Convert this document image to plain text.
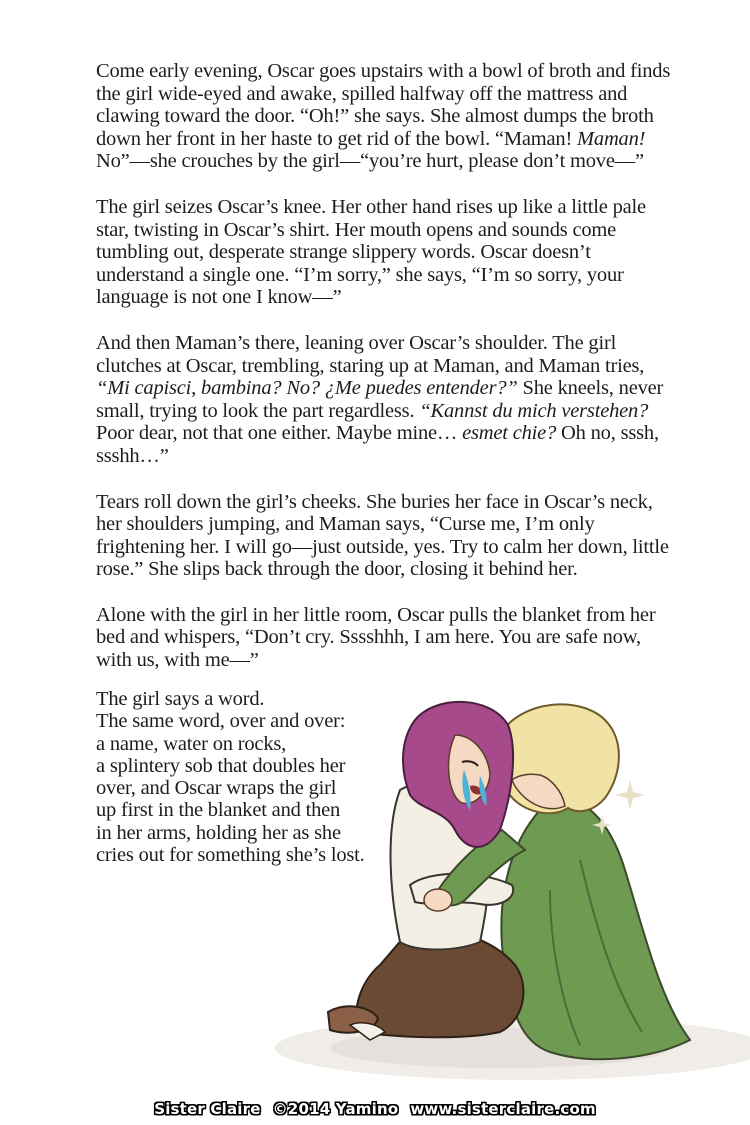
Come early evening, Oscar goes upstairs with a bowl of broth and finds the girl wide-eyed and awake, spilled halfway off the mattress and clawing toward the door. “Oh!” she says. She almost dumps the broth down her front in her haste to get rid of the bowl. “Maman! Maman! No”—she crouches by the girl—“you’re hurt, please don’t move—”

The girl seizes Oscar’s knee. Her other hand rises up like a little pale star, twisting in Oscar’s shirt. Her mouth opens and sounds come tumbling out, desperate strange slippery words. Oscar doesn’t understand a single one. “I’m sorry,” she says, “I’m so sorry, your language is not one I know—”

And then Maman’s there, leaning over Oscar’s shoulder. The girl clutches at Oscar, trembling, staring up at Maman, and Maman tries, “Mi capisci, bambina? No? ¿Me puedes entender?” She kneels, never small, trying to look the part regardless. “Kannst du mich verstehen? Poor dear, not that one either. Maybe mine… esmet chie? Oh no, sssh, ssshh…”

Tears roll down the girl’s cheeks. She buries her face in Oscar’s neck, her shoulders jumping, and Maman says, “Curse me, I’m only frightening her. I will go—just outside, yes. Try to calm her down, little rose.” She slips back through the door, closing it behind her.

Alone with the girl in her little room, Oscar pulls the blanket from her bed and whispers, “Don’t cry. Sssshhh, I am here. You are safe now, with us, with me—”

The girl says a word.
The same word, over and over:
a name, water on rocks,
a splintery sob that doubles her
over, and Oscar wraps the girl
up first in the blanket and then
in her arms, holding her as she
cries out for something she’s lost.
Sister Claire ©2014 Yamino www.sisterclaire.com
